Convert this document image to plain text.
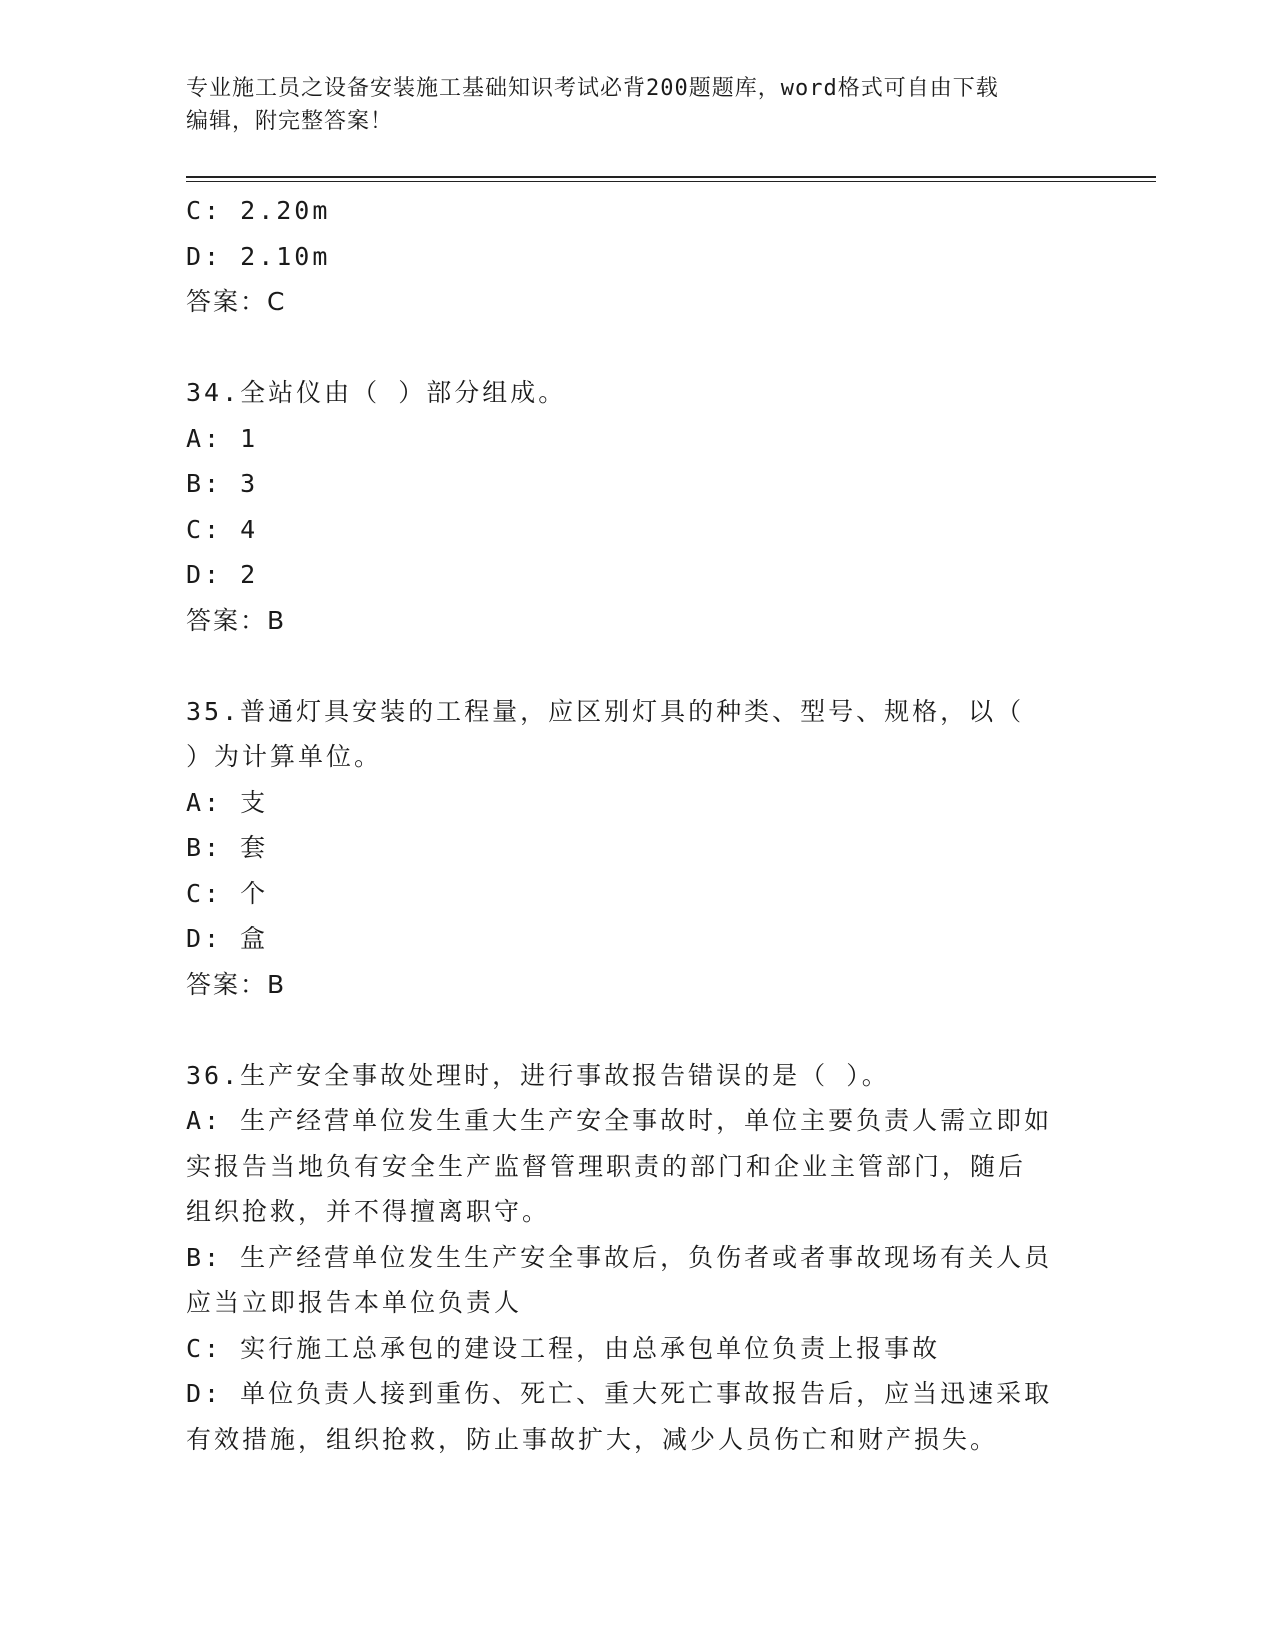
专业施工员之设备安装施工基础知识考试必背200题题库，word格式可自由下载
编辑，附完整答案！
C: 2.20m
D: 2.10m
答案：C
34.全站仪由（ ）部分组成。
A: 1
B: 3
C: 4
D: 2
答案：B
35.普通灯具安装的工程量，应区别灯具的种类、型号、规格，以（
）为计算单位。
A: 支
B: 套
C: 个
D: 盒
答案：B
36.生产安全事故处理时，进行事故报告错误的是（ ）。
A: 生产经营单位发生重大生产安全事故时，单位主要负责人需立即如
实报告当地负有安全生产监督管理职责的部门和企业主管部门，随后
组织抢救，并不得擅离职守。
B: 生产经营单位发生生产安全事故后，负伤者或者事故现场有关人员
应当立即报告本单位负责人
C: 实行施工总承包的建设工程，由总承包单位负责上报事故
D: 单位负责人接到重伤、死亡、重大死亡事故报告后，应当迅速采取
有效措施，组织抢救，防止事故扩大，减少人员伤亡和财产损失。
